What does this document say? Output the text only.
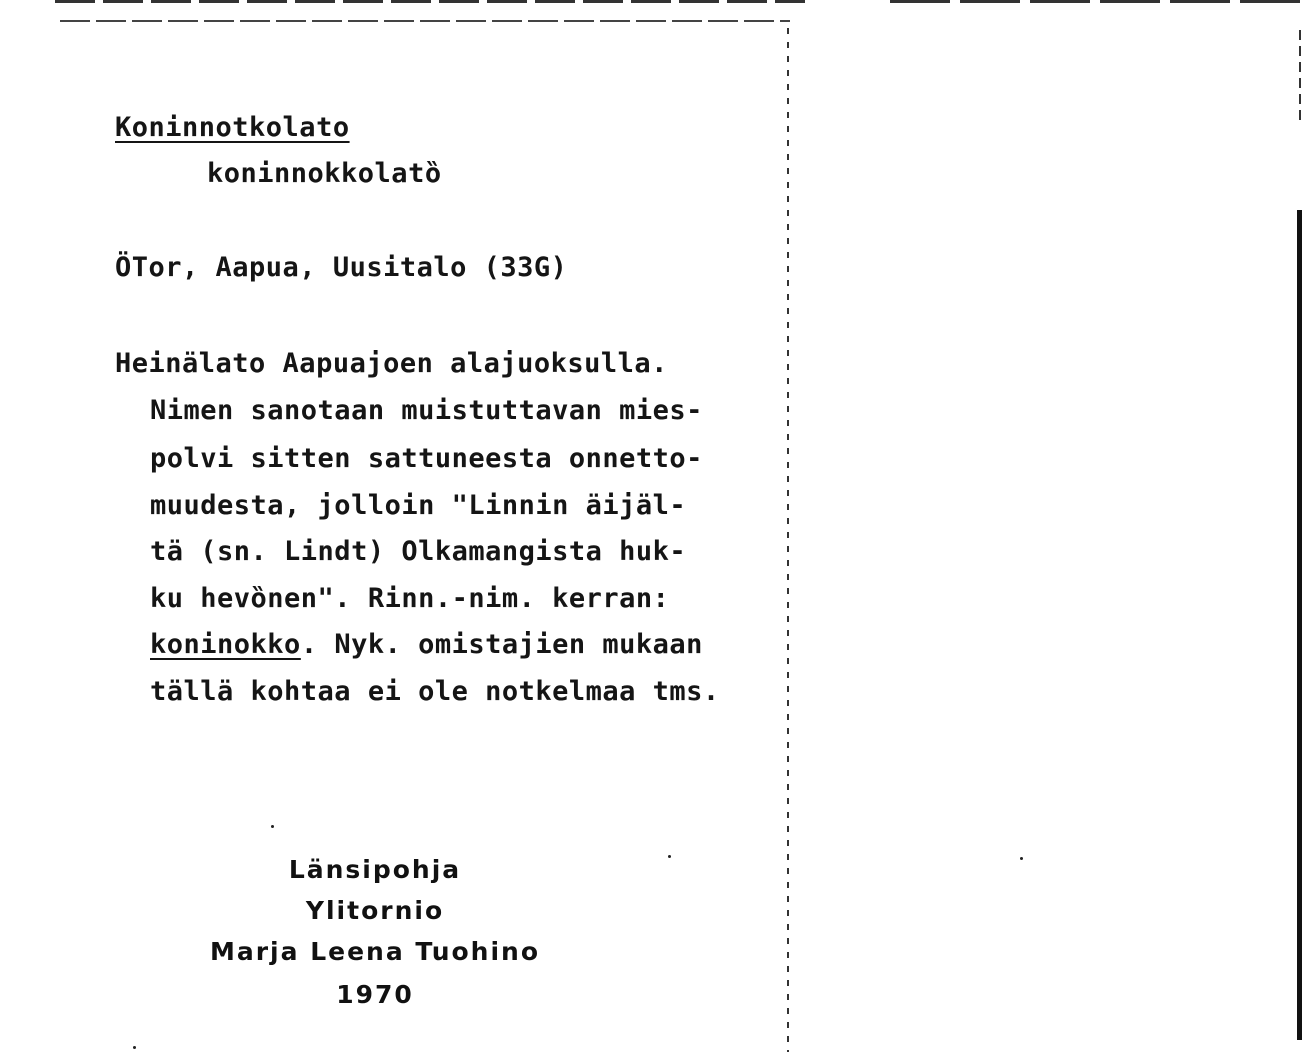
Koninnotkolato
koninnokkolatȍ
ÖTor, Aapua, Uusitalo (33G)
Heinälato Aapuajoen alajuoksulla.
Nimen sanotaan muistuttavan mies-
polvi sitten sattuneesta onnetto-
muudesta, jolloin "Linnin äijäl-
tä (sn. Lindt) Olkamangista huk-
ku hevȍnen". Rinn.-nim. kerran:
koninokko. Nyk. omistajien mukaan
tällä kohtaa ei ole notkelmaa tms.
Länsipohja
Ylitornio
Marja Leena Tuohino
1970
